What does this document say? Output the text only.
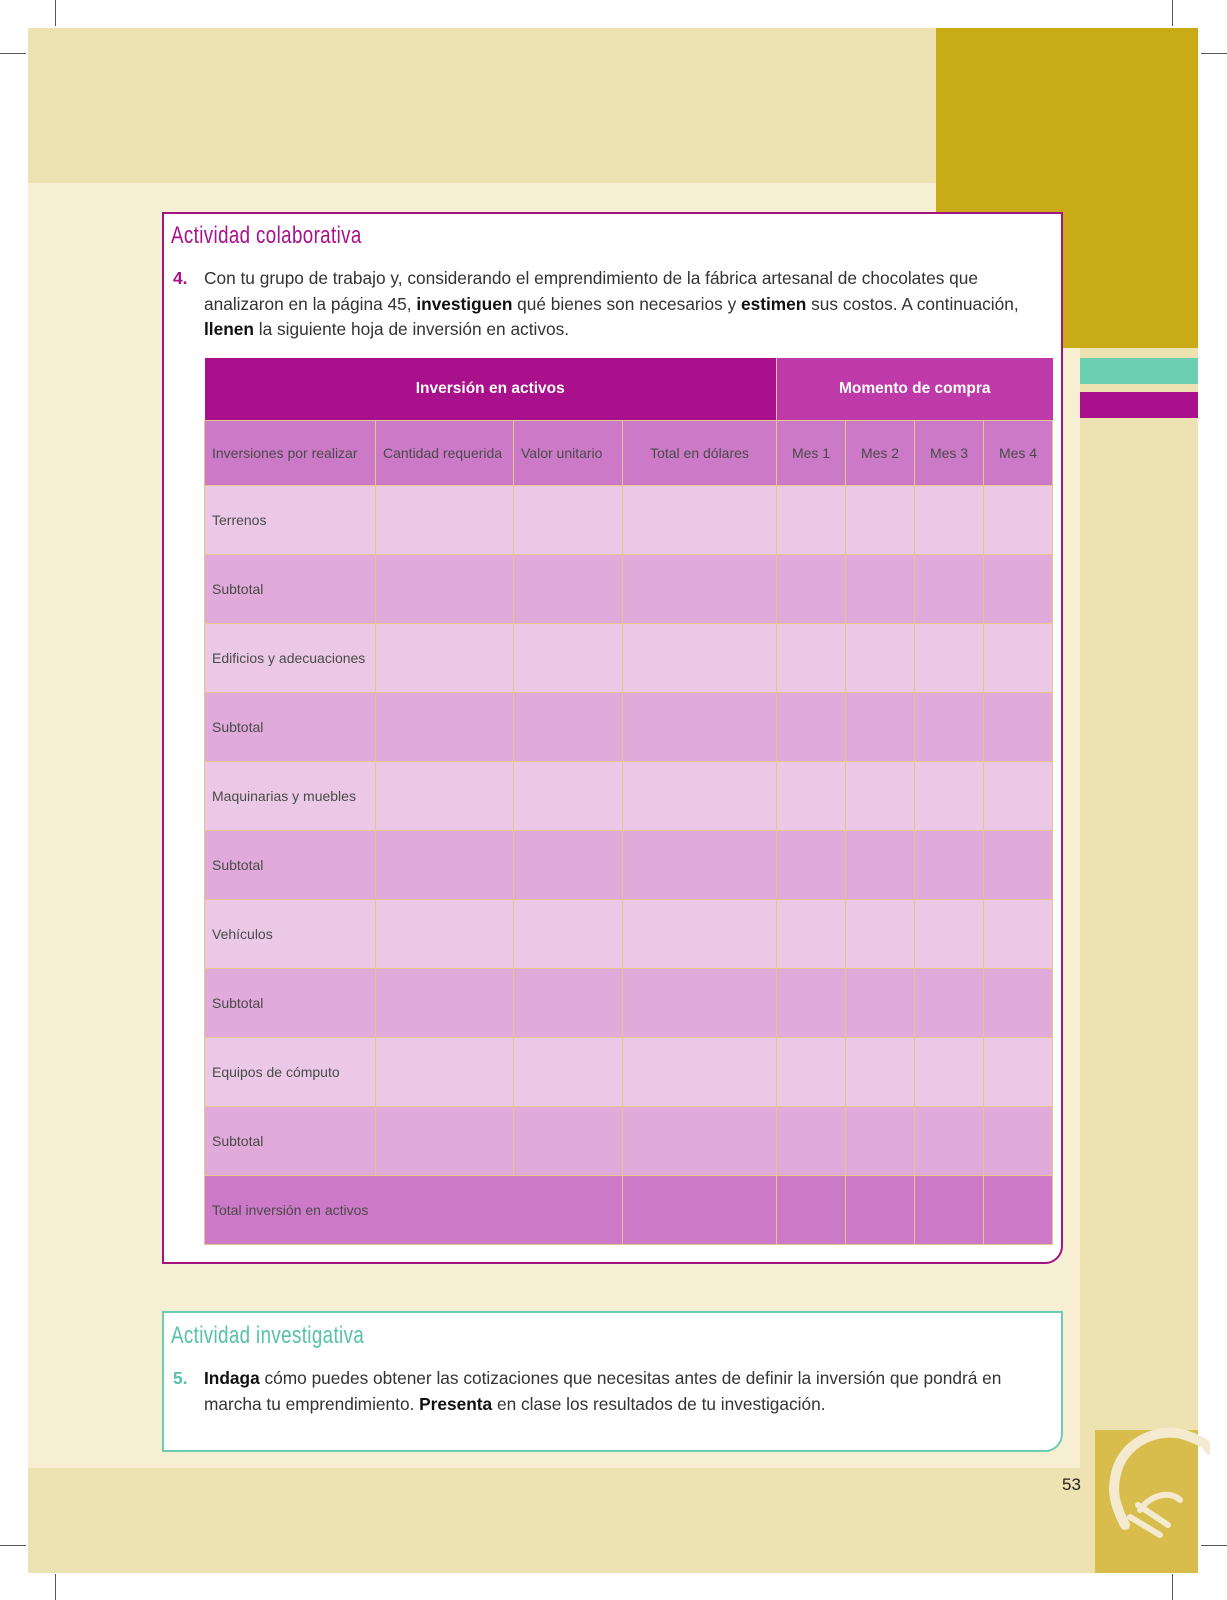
53
Actividad colaborativa
4. Con tu grupo de trabajo y, considerando el emprendimiento de la fábrica artesanal de chocolates que analizaron en la página 45, investiguen qué bienes son necesarios y estimen sus costos. A continuación, llenen la siguiente hoja de inversión en activos.
Inversión en activos				Momento de compra			
Inversiones por realizar	Cantidad requerida	Valor unitario	Total en dólares	Mes 1	Mes 2	Mes 3	Mes 4
Terrenos							
Subtotal							
Edificios y adecuaciones							
Subtotal							
Maquinarias y muebles							
Subtotal							
Vehículos							
Subtotal							
Equipos de cómputo							
Subtotal							
Total inversión en activos							
Actividad investigativa
5. Indaga cómo puedes obtener las cotizaciones que necesitas antes de definir la inversión que pondrá en marcha tu emprendimiento. Presenta en clase los resultados de tu investigación.
